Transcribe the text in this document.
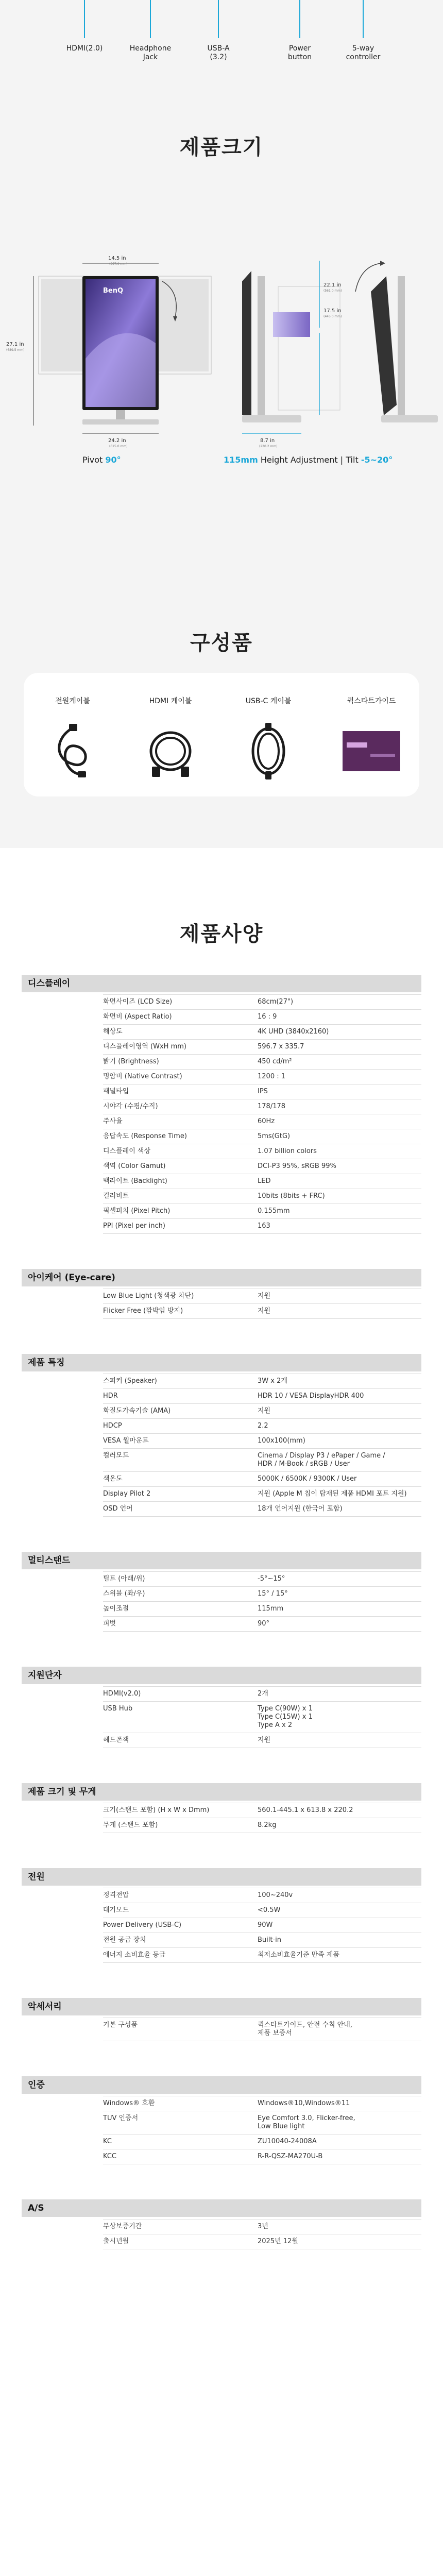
HDMI(2.0)	Headphone
Jack
USB-A
(3.2)
Power
button
5-way
controller
제품크기
BenQ
14.5 in
(367.0 mm)
27.1 in
(689.5 mm)
24.2 in
(615.0 mm)
22.1 in
(561.0 mm)
17.5 in
(445.0 mm)
8.7 in
(220.2 mm)
Pivot 90°	115mm Height Adjustment | Tilt -5~20°
구성품
전원케이블	HDMI 케이블	USB-C 케이블	퀵스타트가이드
제품사양
디스플레이
화면사이즈 (LCD Size)	68cm(27")
화면비 (Aspect Ratio)	16 : 9
해상도	4K UHD (3840x2160)
디스플레이영역 (WxH mm)	596.7 x 335.7
밝기 (Brightness)	450 cd/m²
명암비 (Native Contrast)	1200 : 1
패널타입	IPS
시야각 (수평/수직)	178/178
주사율	60Hz
응답속도 (Response Time)	5ms(GtG)
디스플레이 색상	1.07 billion colors
색역 (Color Gamut)	DCI-P3 95%, sRGB 99%
백라이트 (Backlight)	LED
컬러비트	10bits (8bits + FRC)
픽셀피치 (Pixel Pitch)	0.155mm
PPI (Pixel per inch)	163
아이케어 (Eye-care)
Low Blue Light (청색광 차단)	지원
Flicker Free (깜박임 방지)	지원
제품 특징
스피커 (Speaker)	3W x 2개
HDR	HDR 10 / VESA DisplayHDR 400
화질도가속기술 (AMA)	지원
HDCP	2.2
VESA 월마운트	100x100(mm)
컬러모드	Cinema / Display P3 / ePaper / Game /
HDR / M-Book / sRGB / User
색온도	5000K / 6500K / 9300K / User
Display Pilot 2	지원 (Apple M 칩이 탑재된 제품 HDMI 포트 지원)
OSD 언어	18개 언어지원 (한국어 포함)
멀티스탠드
틸트 (아래/위)	-5°~15°
스위블 (좌/우)	15° / 15°
높이조절	115mm
피벗	90°
지원단자
HDMI(v2.0)	2개
USB Hub	Type C(90W) x 1
Type C(15W) x 1
Type A x 2
헤드폰잭	지원
제품 크기 및 무게
크기(스탠드 포함) (H x W x Dmm)	560.1-445.1 x 613.8 x 220.2
무게 (스탠드 포함)	8.2kg
전원
정격전압	100~240v
대기모드	<0.5W
Power Delivery (USB-C)	90W
전원 공급 장치	Built-in
에너지 소비효율 등급	최저소비효율기준 만족 제품
악세서리
기본 구성품	퀵스타트가이드, 안전 수칙 안내,
제품 보증서
인증
Windows® 호환	Windows®10,Windows®11
TUV 인증서	Eye Comfort 3.0, Flicker-free,
Low Blue light
KC	ZU10040-24008A
KCC	R-R-QSZ-MA270U-B
A/S
무상보증기간	3년
출시년월	2025년 12월
